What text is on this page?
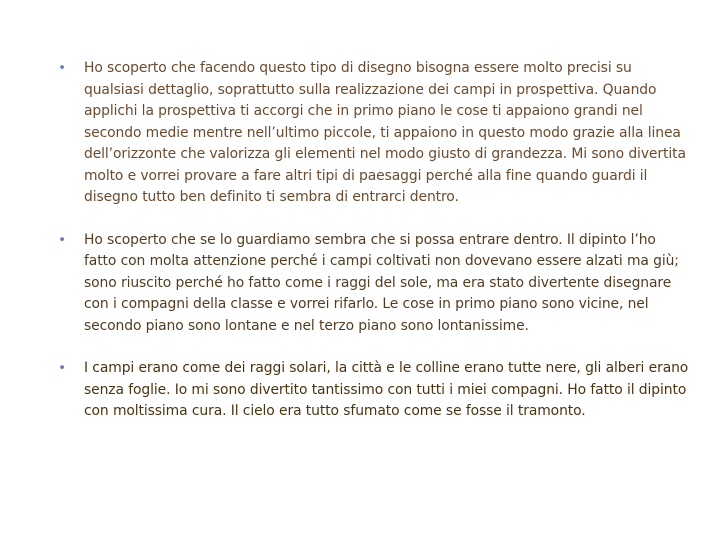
• Ho scoperto che facendo questo tipo di disegno bisogna essere molto precisi su qualsiasi dettaglio, soprattutto sulla realizzazione dei campi in prospettiva. Quando applichi la prospettiva ti accorgi che in primo piano le cose ti appaiono grandi nel secondo medie mentre nell’ultimo piccole, ti appaiono in questo modo grazie alla linea dell’orizzonte che valorizza gli elementi nel modo giusto di grandezza. Mi sono divertita molto e vorrei provare a fare altri tipi di paesaggi perché alla fine quando guardi il disegno tutto ben definito ti sembra di entrarci dentro.
• Ho scoperto che se lo guardiamo sembra che si possa entrare dentro. Il dipinto l’ho fatto con molta attenzione perché i campi coltivati non dovevano essere alzati ma giù; sono riuscito perché ho fatto come i raggi del sole, ma era stato divertente disegnare con i compagni della classe e vorrei rifarlo. Le cose in primo piano sono vicine, nel secondo piano sono lontane e nel terzo piano sono lontanissime.
• I campi erano come dei raggi solari, la città e le colline erano tutte nere, gli alberi erano senza foglie. Io mi sono divertito tantissimo con tutti i miei compagni. Ho fatto il dipinto con moltissima cura. Il cielo era tutto sfumato come se fosse il tramonto.
